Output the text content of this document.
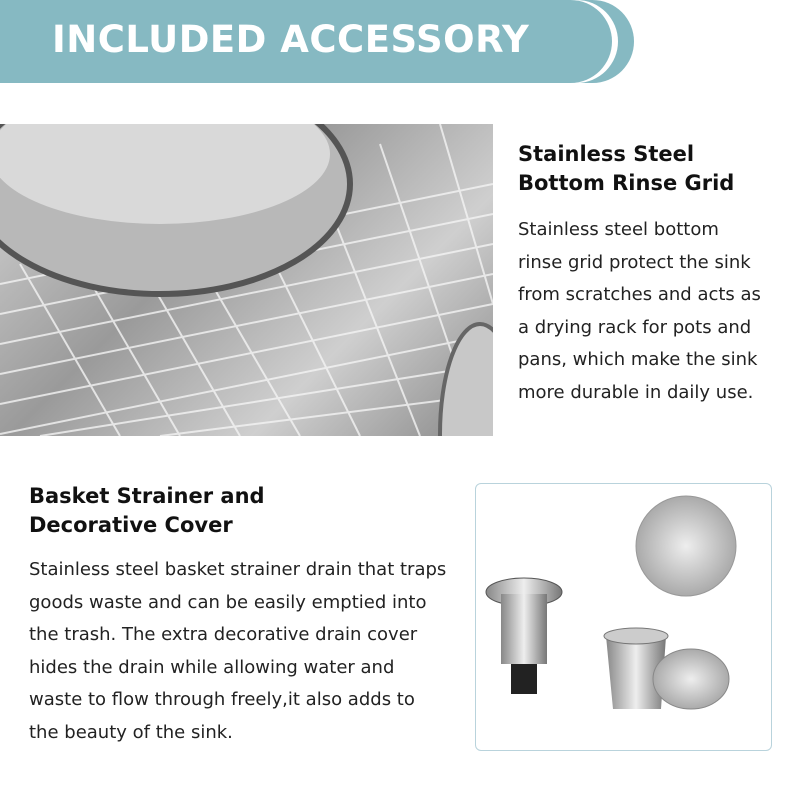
INCLUDED ACCESSORY
Stainless Steel Bottom Rinse Grid
Stainless steel bottom rinse grid protect the sink from scratches and acts as a drying rack for pots and pans, which make the sink more durable in daily use.
Basket Strainer and Decorative Cover
Stainless steel basket strainer drain that traps goods waste and can be easily emptied into the trash. The extra decorative drain cover hides the drain while allowing water and waste to flow through freely,it also adds to the beauty of the sink.
